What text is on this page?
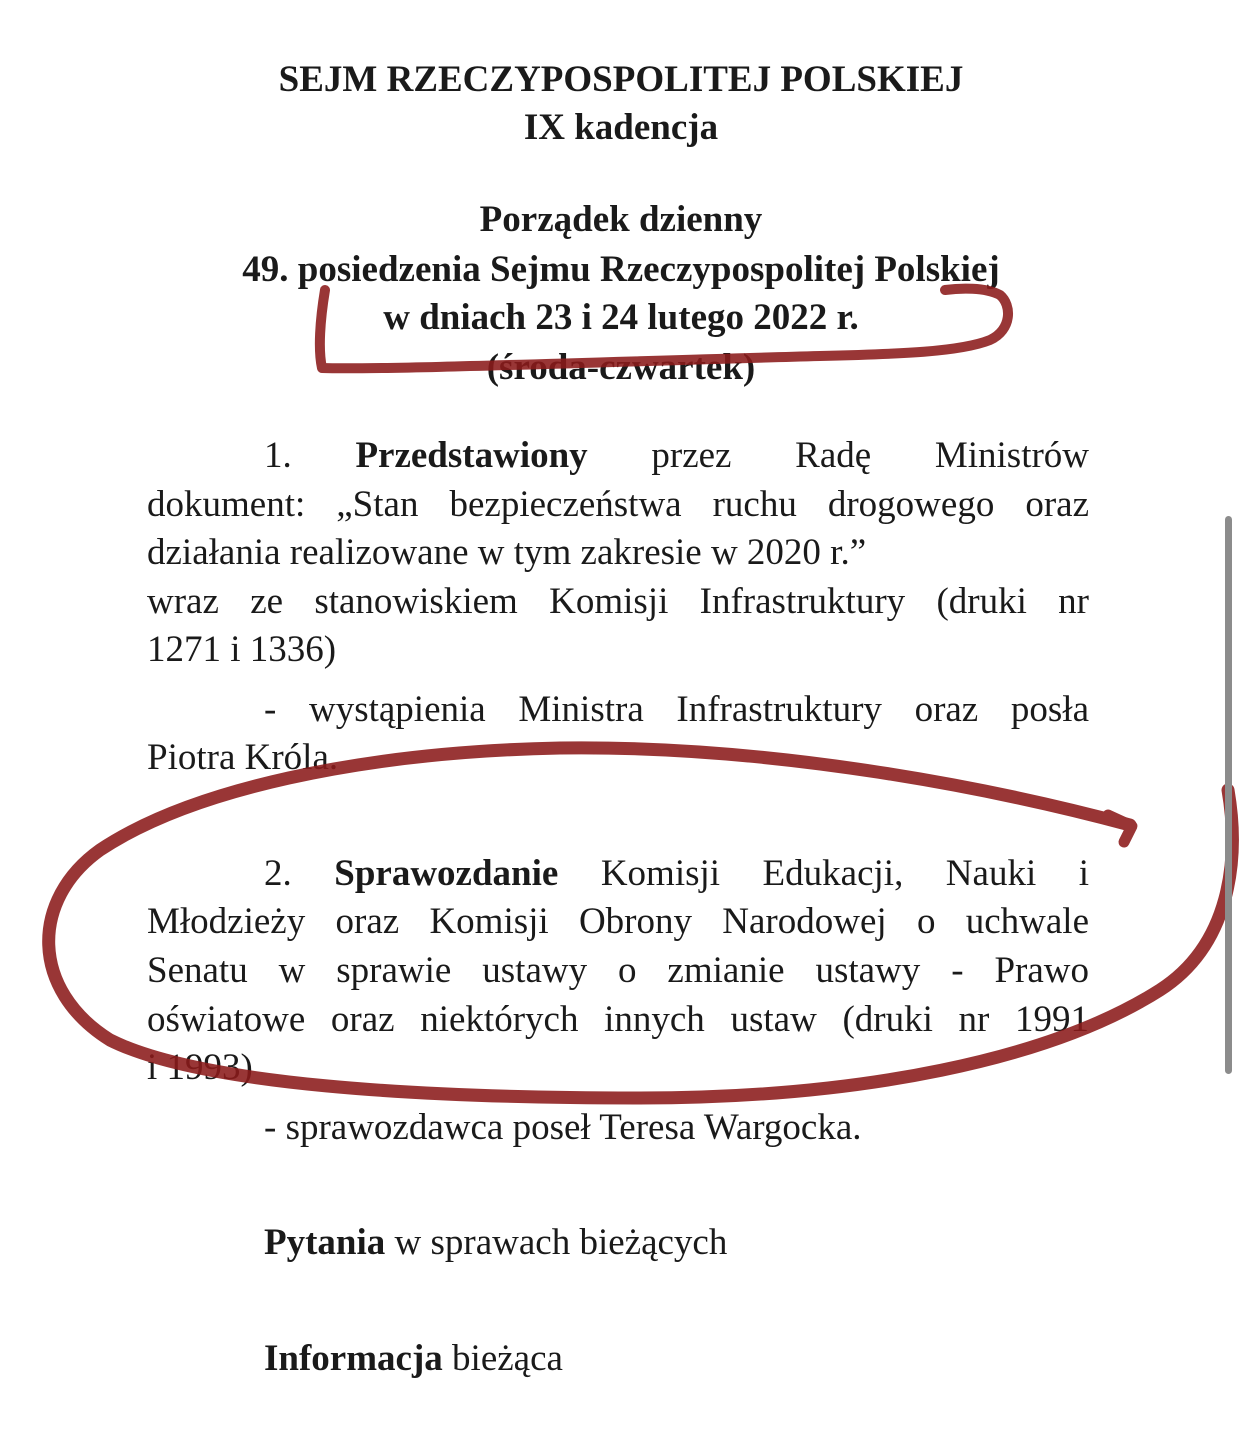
SEJM RZECZYPOSPOLITEJ POLSKIEJ
IX kadencja
Porządek dzienny
49. posiedzenia Sejmu Rzeczypospolitej Polskiej
w dniach 23 i 24 lutego 2022 r.
(środa-czwartek)
1. Przedstawiony przez Radę Ministrów
dokument: „Stan bezpieczeństwa ruchu drogowego oraz
działania realizowane w tym zakresie w 2020 r.”
wraz ze stanowiskiem Komisji Infrastruktury (druki nr
1271 i 1336)
- wystąpienia Ministra Infrastruktury oraz posła
Piotra Króla.
2. Sprawozdanie Komisji Edukacji, Nauki i
Młodzieży oraz Komisji Obrony Narodowej o uchwale
Senatu w sprawie ustawy o zmianie ustawy - Prawo
oświatowe oraz niektórych innych ustaw (druki nr 1991
i 1993)
- sprawozdawca poseł Teresa Wargocka.
Pytania w sprawach bieżących
Informacja bieżąca
